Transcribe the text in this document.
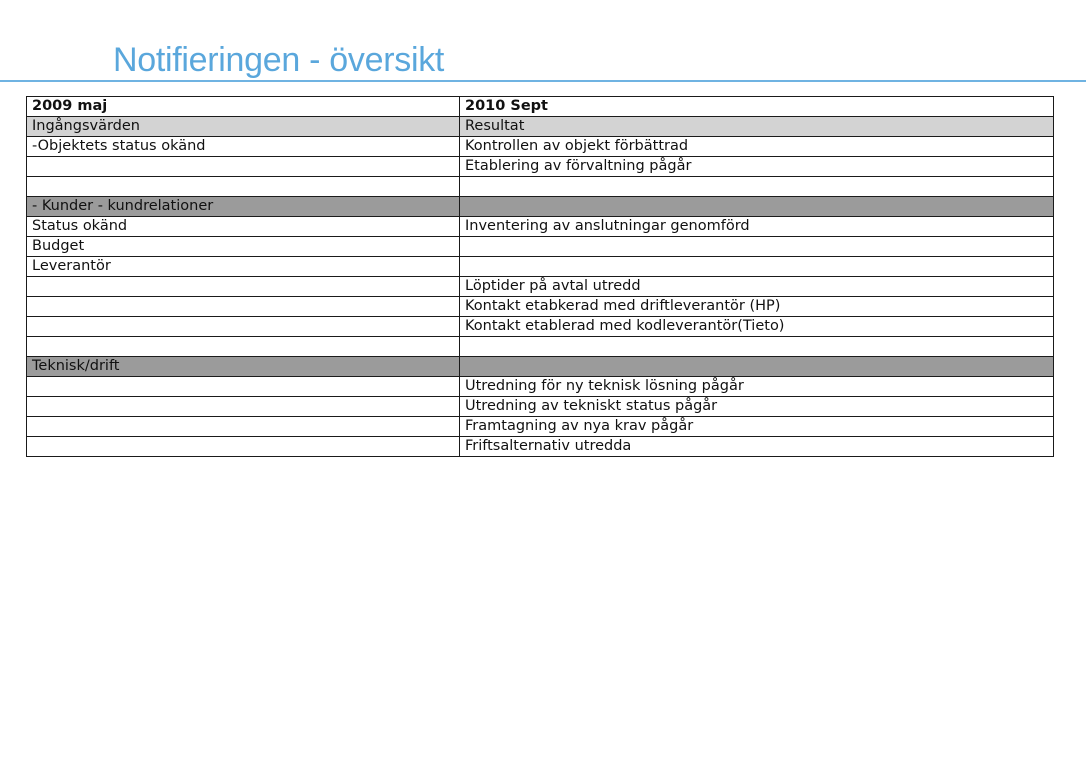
Notifieringen - översikt
2009 maj	2010 Sept
Ingångsvärden	Resultat
-Objektets status okänd	Kontrollen av objekt förbättrad
	Etablering av förvaltning pågår

- Kunder - kundrelationer	
Status okänd	Inventering av anslutningar genomförd
Budget	
Leverantör	
	Löptider på avtal utredd
	Kontakt etabkerad med driftleverantör (HP)
	Kontakt etablerad med kodleverantör(Tieto)

Teknisk/drift	
	Utredning för ny teknisk lösning pågår
	Utredning av tekniskt status pågår
	Framtagning av nya krav pågår
	Friftsalternativ utredda
